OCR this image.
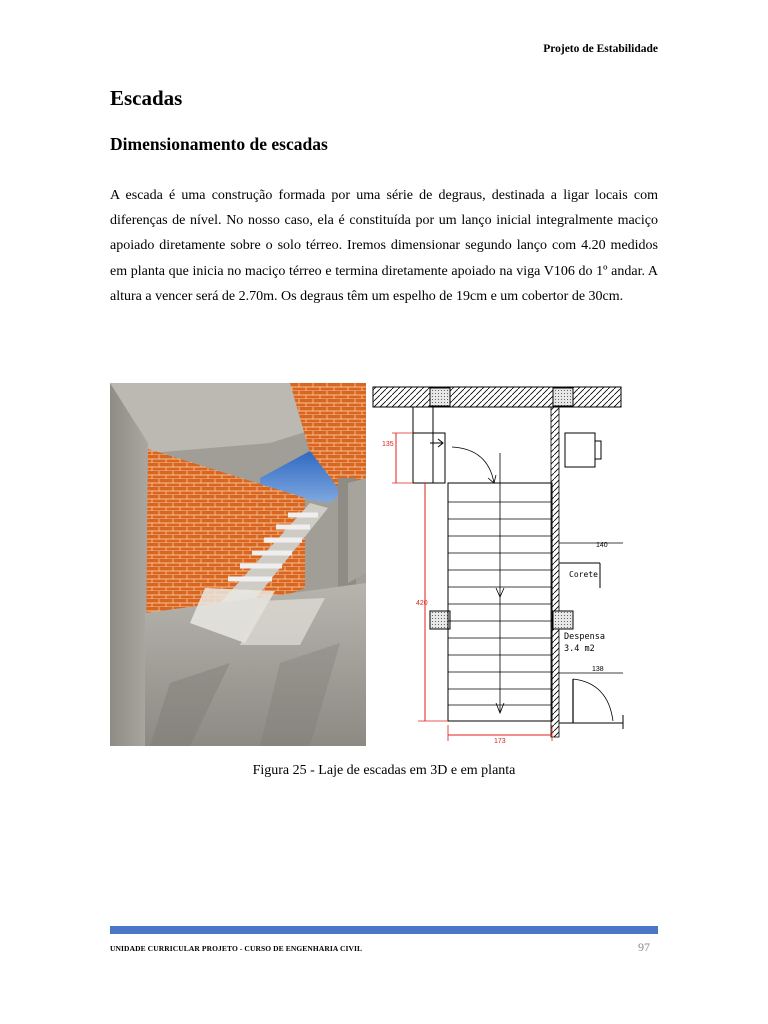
Projeto de Estabilidade
Escadas
Dimensionamento de escadas

A escada é uma construção formada por uma série de degraus, destinada a ligar locais com diferenças de nível. No nosso caso, ela é constituída por um lanço inicial integralmente maciço apoiado diretamente sobre o solo térreo. Iremos dimensionar segundo lanço com 4.20 medidos em planta que inicia no maciço térreo e termina diretamente apoiado na viga V106 do 1º andar. A altura a vencer será de 2.70m. Os degraus têm um espelho de 19cm e um cobertor de 30cm.

135
420
173
140
Corete
Despensa
3.4 m2
138
Figura 25 - Laje de escadas em 3D e em planta
UNIDADE CURRICULAR PROJETO - CURSO DE ENGENHARIA CIVIL	97
